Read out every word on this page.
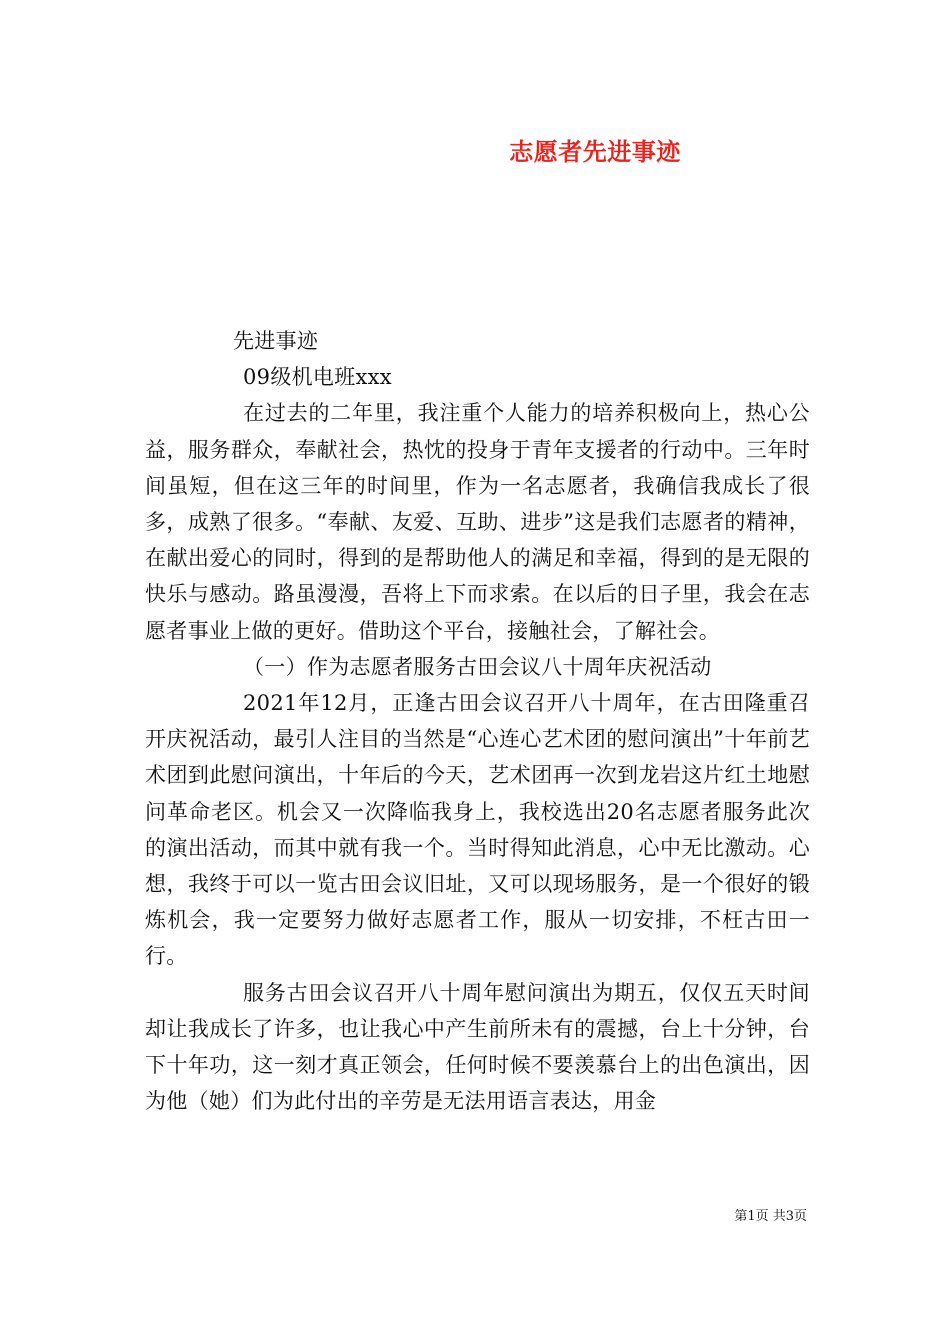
志愿者先进事迹

先进事迹

09级机电班xxx

在过去的二年里，我注重个人能力的培养积极向上，热心公益，服务群众，奉献社会，热忱的投身于青年支援者的行动中。三年时间虽短，但在这三年的时间里，作为一名志愿者，我确信我成长了很多，成熟了很多。“奉献、友爱、互助、进步”这是我们志愿者的精神，在献出爱心的同时，得到的是帮助他人的满足和幸福，得到的是无限的快乐与感动。路虽漫漫，吾将上下而求索。在以后的日子里，我会在志愿者事业上做的更好。借助这个平台，接触社会，了解社会。

（一）作为志愿者服务古田会议八十周年庆祝活动

2021年12月，正逢古田会议召开八十周年，在古田隆重召开庆祝活动，最引人注目的当然是“心连心艺术团的慰问演出”十年前艺术团到此慰问演出，十年后的今天，艺术团再一次到龙岩这片红土地慰问革命老区。机会又一次降临我身上，我校选出20名志愿者服务此次的演出活动，而其中就有我一个。当时得知此消息，心中无比激动。心想，我终于可以一览古田会议旧址，又可以现场服务，是一个很好的锻炼机会，我一定要努力做好志愿者工作，服从一切安排，不枉古田一行。

服务古田会议召开八十周年慰问演出为期五，仅仅五天时间却让我成长了许多，也让我心中产生前所未有的震撼，台上十分钟，台下十年功，这一刻才真正领会，任何时候不要羡慕台上的出色演出，因为他（她）们为此付出的辛劳是无法用语言表达，用金

第1页 共3页
